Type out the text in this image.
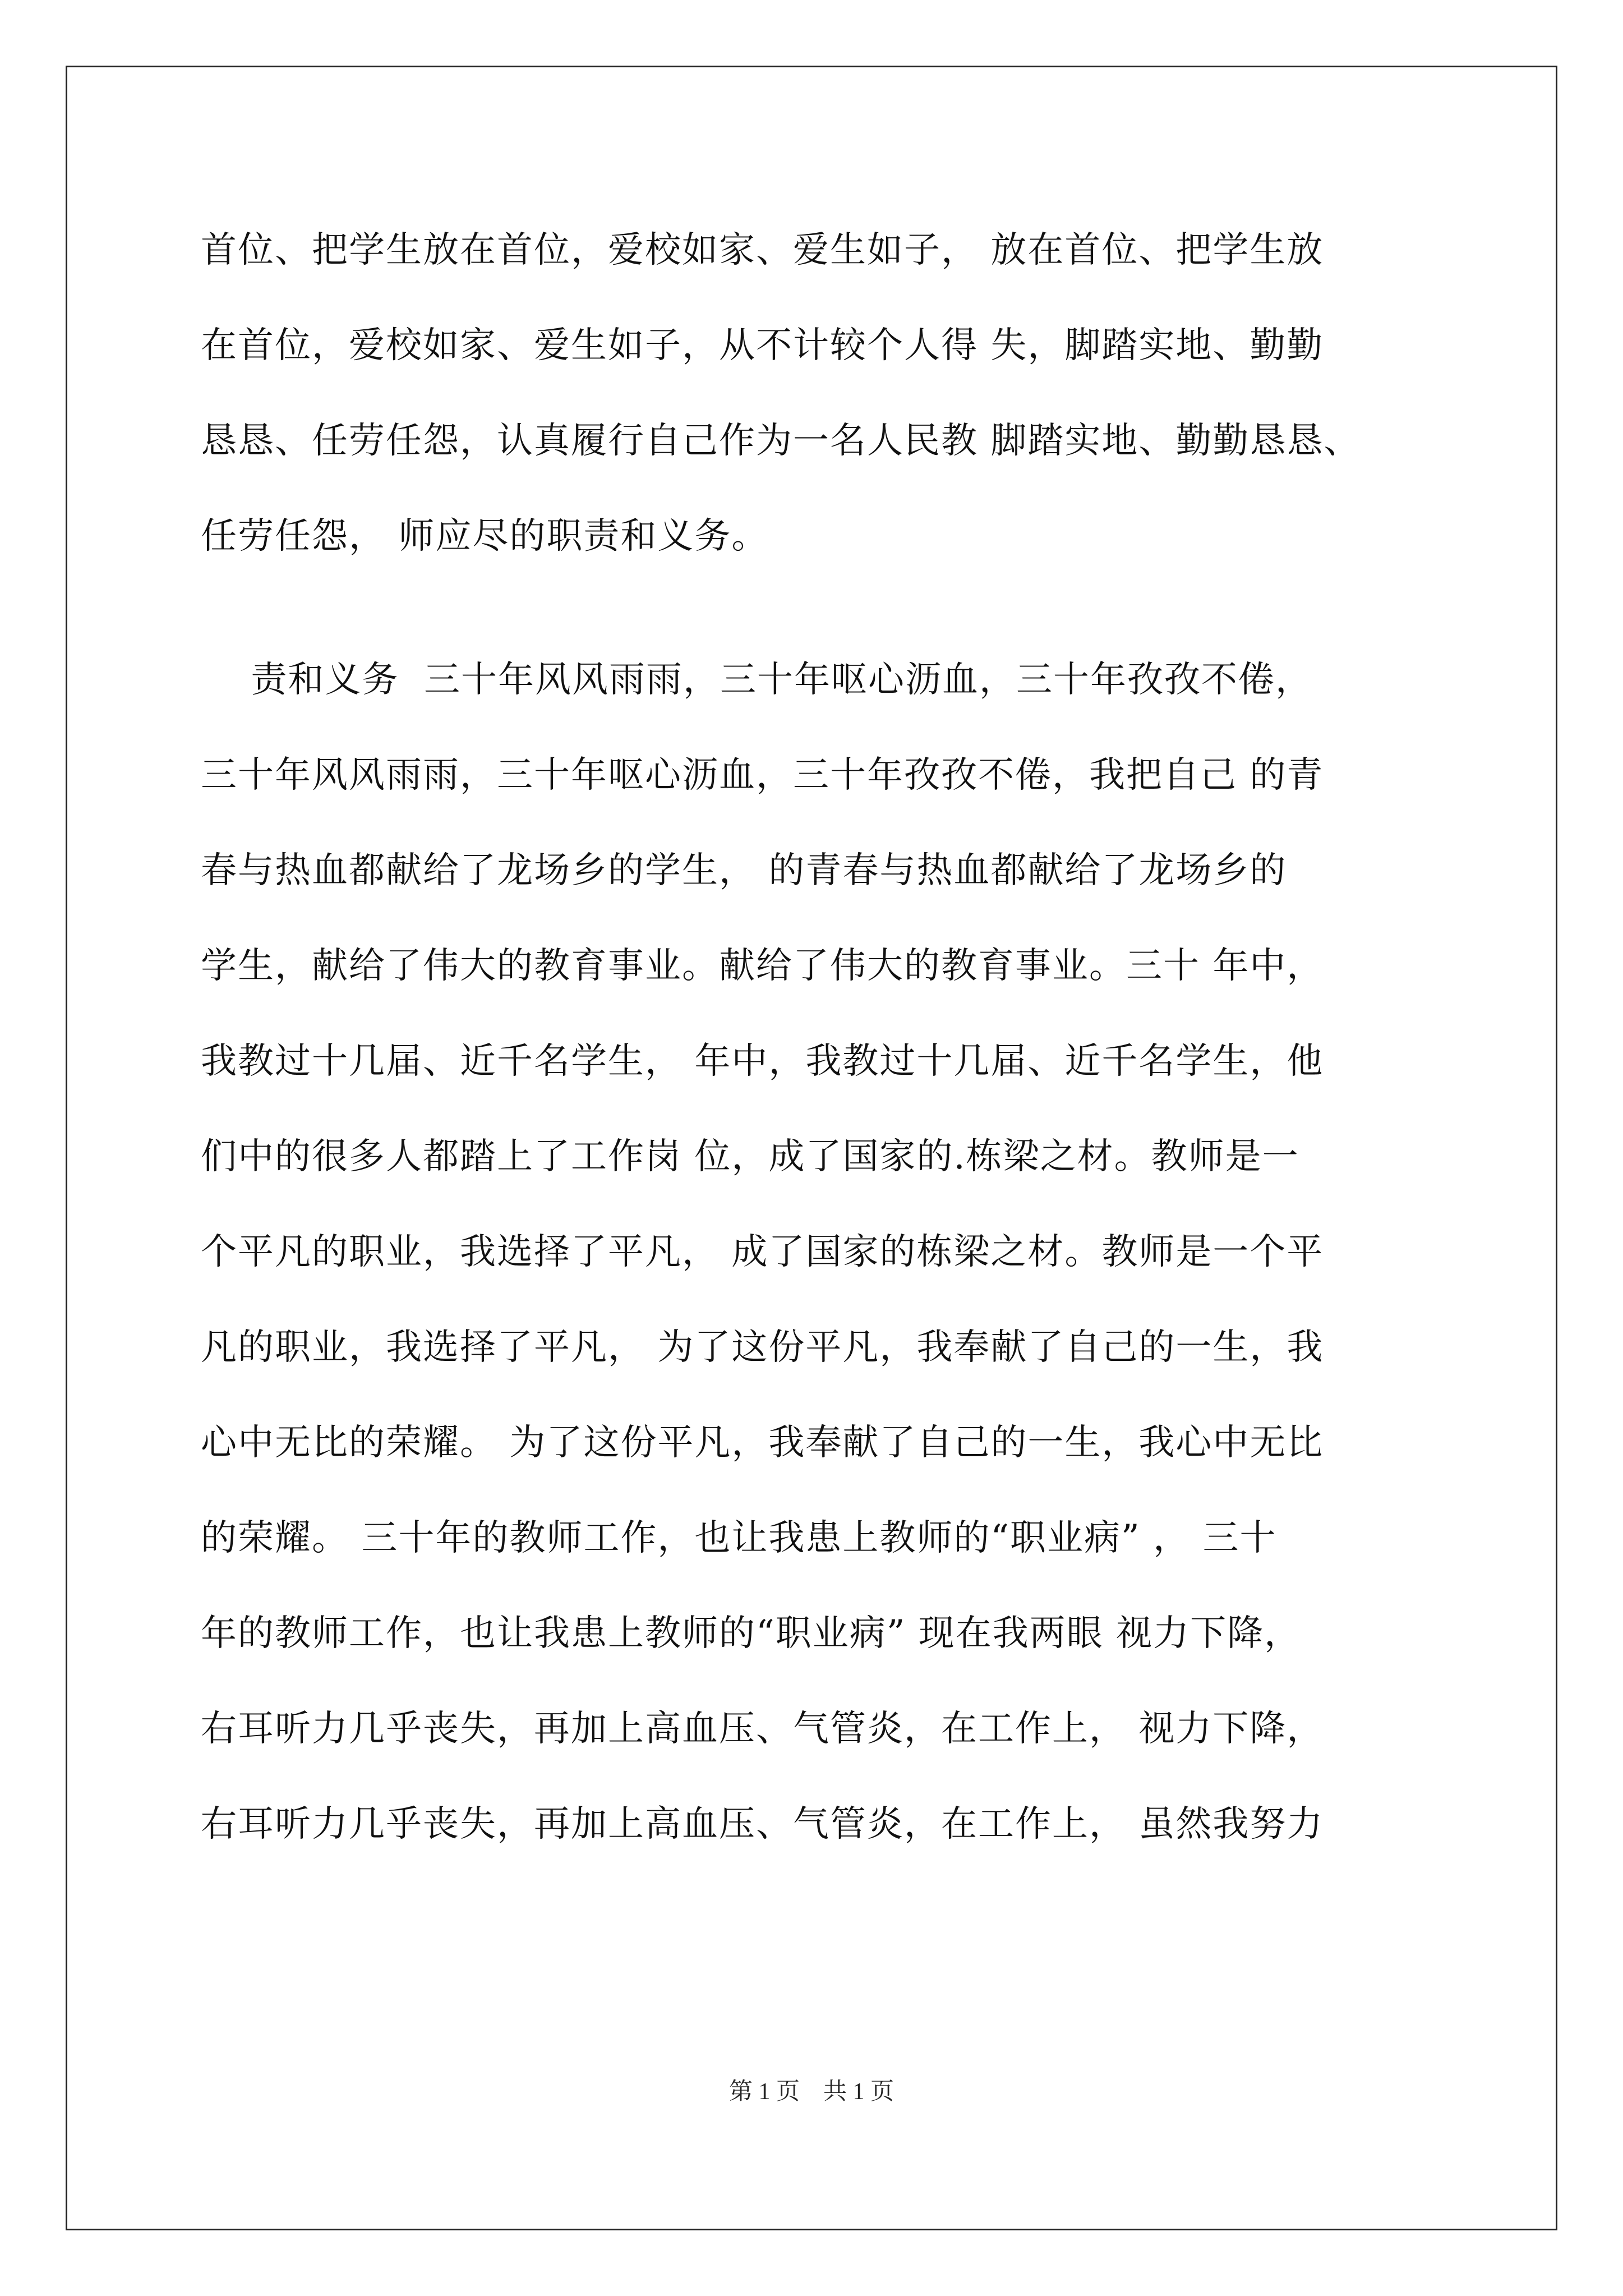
首位、把学生放在首位，爱校如家、爱生如子， 放在首位、把学生放
在首位，爱校如家、爱生如子，从不计较个人得 失，脚踏实地、勤勤
恳恳、任劳任怨，认真履行自己作为一名人民教 脚踏实地、勤勤恳恳、
任劳任怨， 师应尽的职责和义务。
责和义务  三十年风风雨雨，三十年呕心沥血，三十年孜孜不倦，
三十年风风雨雨，三十年呕心沥血，三十年孜孜不倦，我把自己 的青
春与热血都献给了龙场乡的学生， 的青春与热血都献给了龙场乡的
学生，献给了伟大的教育事业。献给了伟大的教育事业。三十 年中，
我教过十几届、近千名学生， 年中，我教过十几届、近千名学生，他
们中的很多人都踏上了工作岗 位，成了国家的.栋梁之材。教师是一
个平凡的职业，我选择了平凡， 成了国家的栋梁之材。教师是一个平
凡的职业，我选择了平凡， 为了这份平凡，我奉献了自己的一生，我
心中无比的荣耀。 为了这份平凡，我奉献了自己的一生，我心中无比
的荣耀。 三十年的教师工作，也让我患上教师的“职业病” ， 三十
年的教师工作，也让我患上教师的“职业病” 现在我两眼 视力下降，
右耳听力几乎丧失，再加上高血压、气管炎，在工作上， 视力下降，
右耳听力几乎丧失，再加上高血压、气管炎，在工作上， 虽然我努力
第 1 页    共 1 页
